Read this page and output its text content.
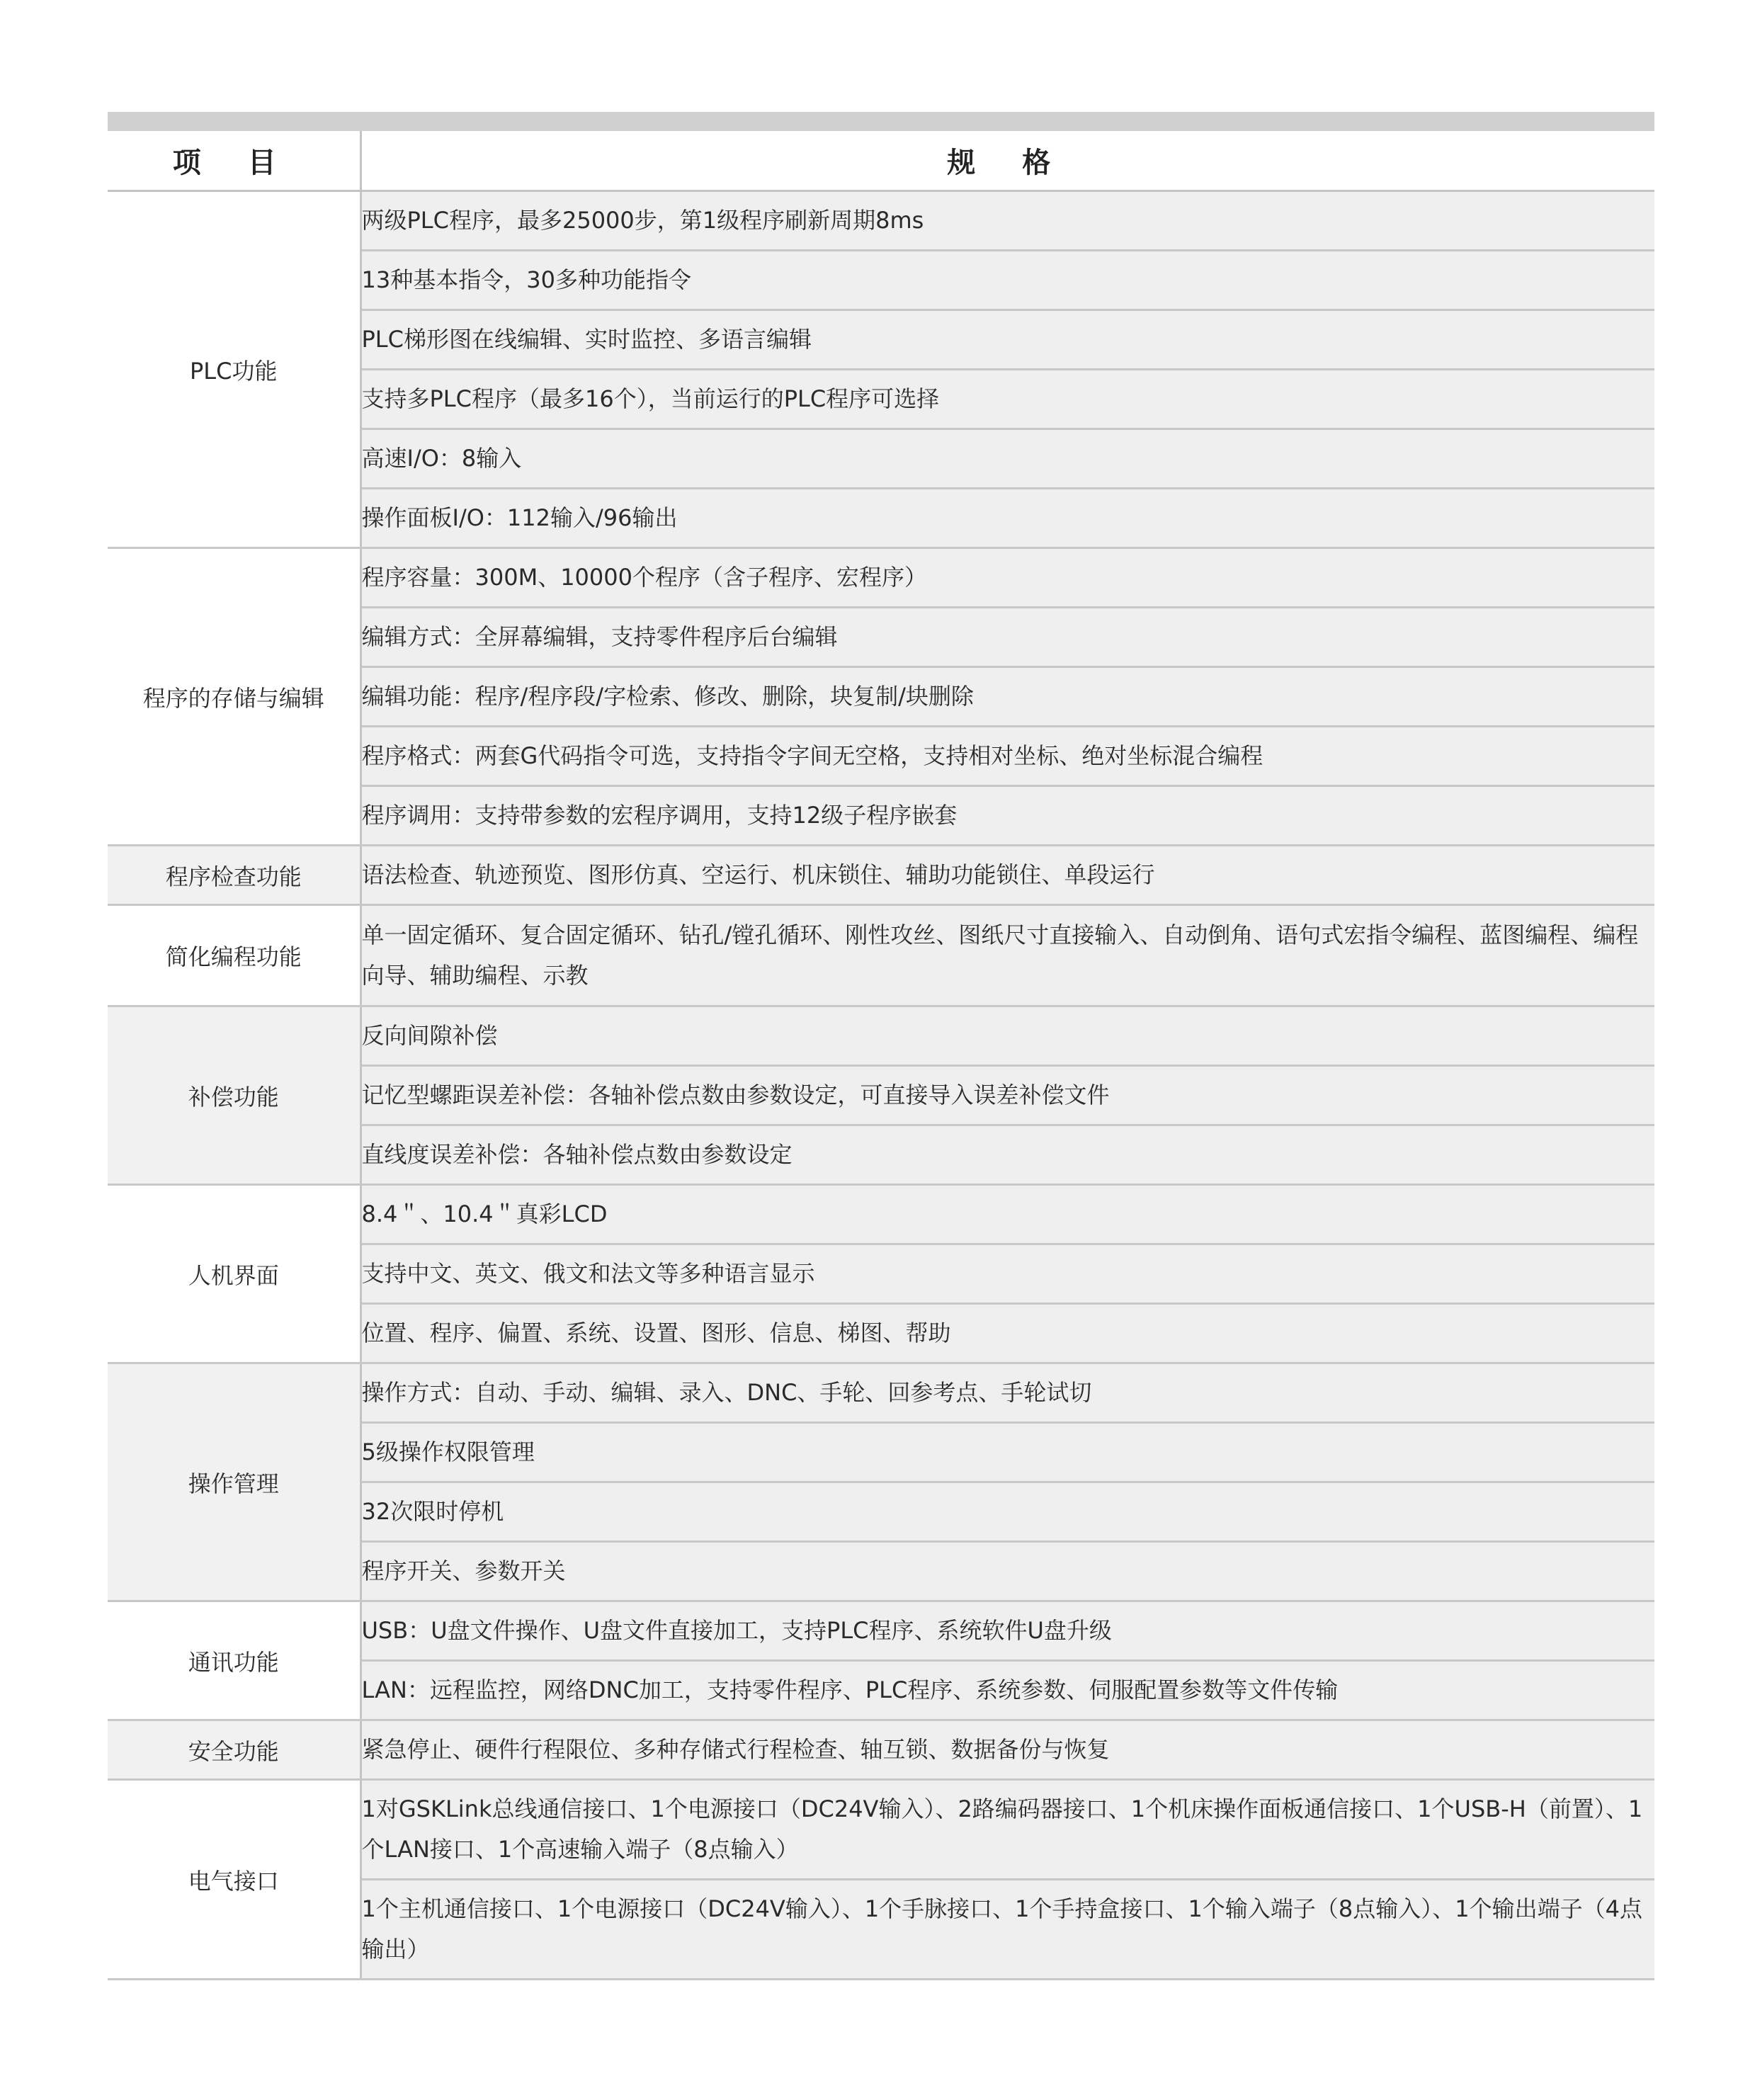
项 目	规 格
PLC功能	两级PLC程序，最多25000步，第1级程序刷新周期8ms
	13种基本指令，30多种功能指令
	PLC梯形图在线编辑、实时监控、多语言编辑
	支持多PLC程序（最多16个），当前运行的PLC程序可选择
	高速I/O：8输入
	操作面板I/O：112输入/96输出
程序的存储与编辑	程序容量：300M、10000个程序（含子程序、宏程序）
	编辑方式：全屏幕编辑，支持零件程序后台编辑
	编辑功能：程序/程序段/字检索、修改、删除，块复制/块删除
	程序格式：两套G代码指令可选，支持指令字间无空格，支持相对坐标、绝对坐标混合编程
	程序调用：支持带参数的宏程序调用，支持12级子程序嵌套
程序检查功能	语法检查、轨迹预览、图形仿真、空运行、机床锁住、辅助功能锁住、单段运行
简化编程功能	单一固定循环、复合固定循环、钻孔/镗孔循环、刚性攻丝、图纸尺寸直接输入、自动倒角、语句式宏指令编程、蓝图编程、编程向导、辅助编程、示教
补偿功能	反向间隙补偿
	记忆型螺距误差补偿：各轴补偿点数由参数设定，可直接导入误差补偿文件
	直线度误差补偿：各轴补偿点数由参数设定
人机界面	8.4＂、10.4＂真彩LCD
	支持中文、英文、俄文和法文等多种语言显示
	位置、程序、偏置、系统、设置、图形、信息、梯图、帮助
操作管理	操作方式：自动、手动、编辑、录入、DNC、手轮、回参考点、手轮试切
	5级操作权限管理
	32次限时停机
	程序开关、参数开关
通讯功能	USB：U盘文件操作、U盘文件直接加工，支持PLC程序、系统软件U盘升级
	LAN：远程监控，网络DNC加工，支持零件程序、PLC程序、系统参数、伺服配置参数等文件传输
安全功能	紧急停止、硬件行程限位、多种存储式行程检查、轴互锁、数据备份与恢复
电气接口	1对GSKLink总线通信接口、1个电源接口（DC24V输入）、2路编码器接口、1个机床操作面板通信接口、1个USB-H（前置）、1个LAN接口、1个高速输入端子（8点输入）
	1个主机通信接口、1个电源接口（DC24V输入）、1个手脉接口、1个手持盒接口、1个输入端子（8点输入）、1个输出端子（4点输出）
